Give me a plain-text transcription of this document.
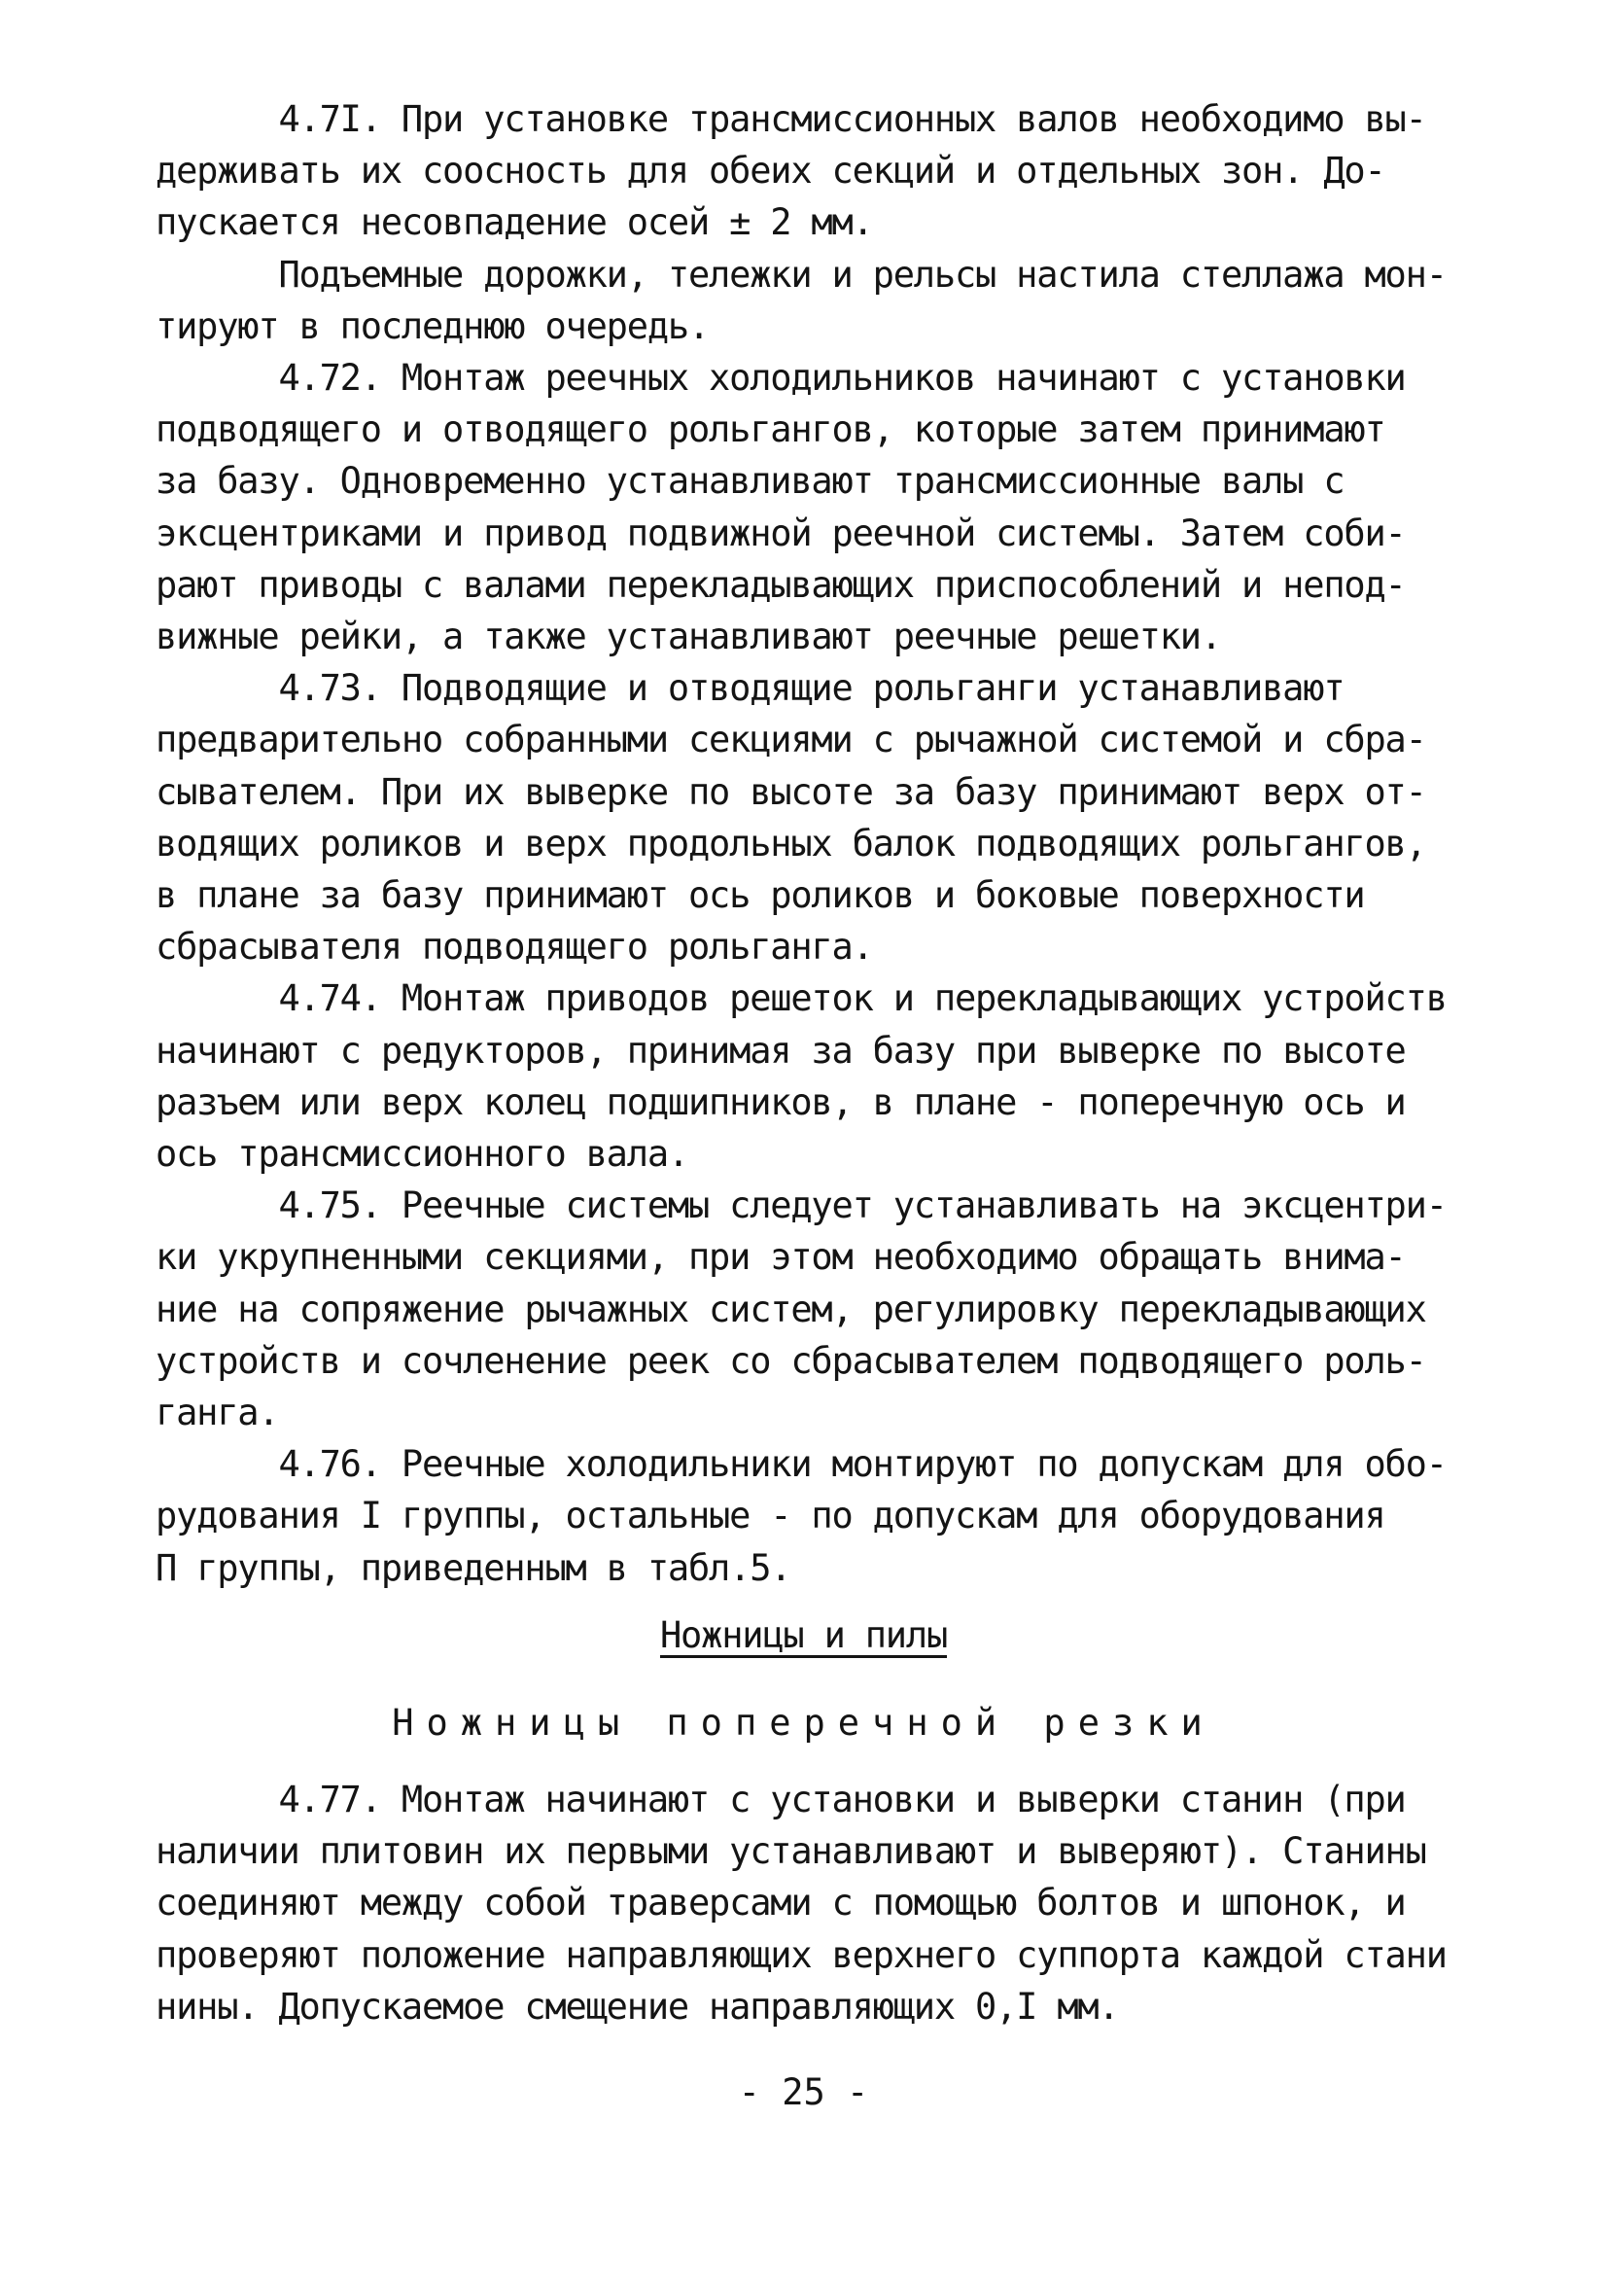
4.7I. При установке трансмиссионных валов необходимо вы-
держивать их соосность для обеих секций и отдельных зон. До-
пускается несовпадение осей ± 2 мм.
Подъемные дорожки, тележки и рельсы настила стеллажа мон-
тируют в последнюю очередь.
4.72. Монтаж реечных холодильников начинают с установки
подводящего и отводящего рольгангов, которые затем принимают
за базу. Одновременно устанавливают трансмиссионные валы с
эксцентриками и привод подвижной реечной системы. Затем соби-
рают приводы с валами перекладывающих приспособлений и непод-
вижные рейки, а также устанавливают реечные решетки.
4.73. Подводящие и отводящие рольганги устанавливают
предварительно собранными секциями с рычажной системой и сбра-
сывателем. При их выверке по высоте за базу принимают верх от-
водящих роликов и верх продольных балок подводящих рольгангов,
в плане за базу принимают ось роликов и боковые поверхности
сбрасывателя подводящего рольганга.
4.74. Монтаж приводов решеток и перекладывающих устройств
начинают с редукторов, принимая за базу при выверке по высоте
разъем или верх колец подшипников, в плане - поперечную ось и
ось трансмиссионного вала.
4.75. Реечные системы следует устанавливать на эксцентри-
ки укрупненными секциями, при этом необходимо обращать внима-
ние на сопряжение рычажных систем, регулировку перекладывающих
устройств и сочленение реек со сбрасывателем подводящего роль-
ганга.
4.76. Реечные холодильники монтируют по допускам для обо-
рудования I группы, остальные - по допускам для оборудования
П группы, приведенным в табл.5.
Ножницы и пилы
Ножницы поперечной резки
4.77. Монтаж начинают с установки и выверки станин (при
наличии плитовин их первыми устанавливают и выверяют). Станины
соединяют между собой траверсами с помощью болтов и шпонок, и
проверяют положение направляющих верхнего суппорта каждой стани
нины. Допускаемое смещение направляющих 0,I мм.
- 25 -
